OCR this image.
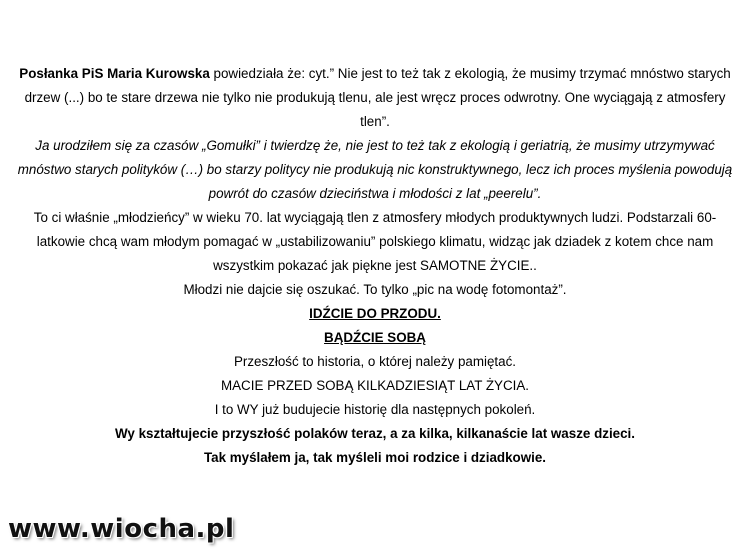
Posłanka PiS Maria Kurowska powiedziała że: cyt.” Nie jest to też tak z ekologią, że musimy trzymać mnóstwo starych drzew (...) bo te stare drzewa nie tylko nie produkują tlenu, ale jest wręcz proces odwrotny. One wyciągają z atmosfery tlen”.

Ja urodziłem się za czasów „Gomułki” i twierdzę że, nie jest to też tak z ekologią i geriatrią, że musimy utrzymywać mnóstwo starych polityków (…) bo starzy politycy nie produkują nic konstruktywnego, lecz ich proces myślenia powodują powrót do czasów dzieciństwa i młodości z lat „peerelu”.

To ci właśnie „młodzieńcy” w wieku 70. lat wyciągają tlen z atmosfery młodych produktywnych ludzi. Podstarzali 60-latkowie chcą wam młodym pomagać w „ustabilizowaniu” polskiego klimatu, widząc jak dziadek z kotem chce nam wszystkim pokazać jak piękne jest SAMOTNE ŻYCIE..

Młodzi nie dajcie się oszukać. To tylko „pic na wodę fotomontaż”.

IDŹCIE DO PRZODU.

BĄDŹCIE SOBĄ

Przeszłość to historia, o której należy pamiętać.

MACIE PRZED SOBĄ KILKADZIESIĄT LAT ŻYCIA.

I to WY już budujecie historię dla następnych pokoleń.

Wy kształtujecie przyszłość polaków teraz, a za kilka, kilkanaście lat wasze dzieci.

Tak myślałem ja, tak myśleli moi rodzice i dziadkowie.

www.wiocha.pl
